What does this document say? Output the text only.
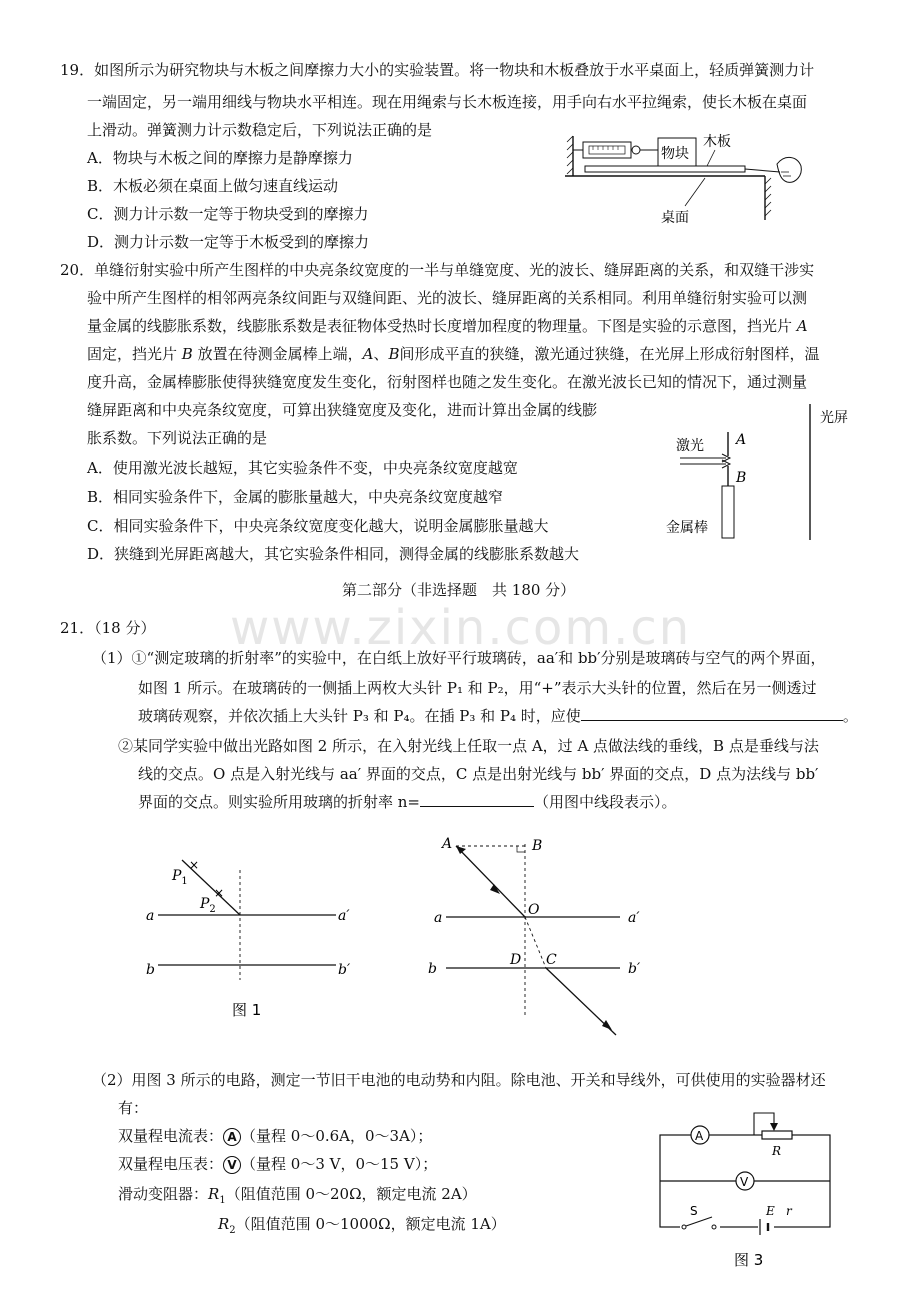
www.zixin.com.cn
19．如图所示为研究物块与木板之间摩擦力大小的实验装置。将一物块和木板叠放于水平桌面上，轻质弹簧测力计
一端固定，另一端用细线与物块水平相连。现在用绳索与长木板连接，用手向右水平拉绳索，使长木板在桌面
上滑动。弹簧测力计示数稳定后，下列说法正确的是
A．物块与木板之间的摩擦力是静摩擦力
B．木板必须在桌面上做匀速直线运动
C．测力计示数一定等于物块受到的摩擦力
D．测力计示数一定等于木板受到的摩擦力
物块
木板
桌面
20．单缝衍射实验中所产生图样的中央亮条纹宽度的一半与单缝宽度、光的波长、缝屏距离的关系，和双缝干涉实
验中所产生图样的相邻两亮条纹间距与双缝间距、光的波长、缝屏距离的关系相同。利用单缝衍射实验可以测
量金属的线膨胀系数，线膨胀系数是表征物体受热时长度增加程度的物理量。下图是实验的示意图，挡光片 A
固定，挡光片 B 放置在待测金属棒上端，A、B间形成平直的狭缝，激光通过狭缝，在光屏上形成衍射图样，温
度升高，金属棒膨胀使得狭缝宽度发生变化，衍射图样也随之发生变化。在激光波长已知的情况下，通过测量
缝屏距离和中央亮条纹宽度，可算出狭缝宽度及变化，进而计算出金属的线膨
胀系数。下列说法正确的是
A．使用激光波长越短，其它实验条件不变，中央亮条纹宽度越宽
B．相同实验条件下，金属的膨胀量越大，中央亮条纹宽度越窄
C．相同实验条件下，中央亮条纹宽度变化越大，说明金属膨胀量越大
D．狭缝到光屏距离越大，其它实验条件相同，测得金属的线膨胀系数越大
光屏
激光 A
B
金属棒
第二部分（非选择题　共 180 分）
21．（18 分）
（1）①“测定玻璃的折射率”的实验中，在白纸上放好平行玻璃砖，aa′和 bb′分别是玻璃砖与空气的两个界面，
如图 1 所示。在玻璃砖的一侧插上两枚大头针 P₁ 和 P₂，用“+”表示大头针的位置，然后在另一侧透过
玻璃砖观察，并依次插上大头针 P₃ 和 P₄。在插 P₃ 和 P₄ 时，应使	。
②某同学实验中做出光路如图 2 所示，在入射光线上任取一点 A，过 A 点做法线的垂线，B 点是垂线与法
线的交点。O 点是入射光线与 aa′ 界面的交点，C 点是出射光线与 bb′ 界面的交点，D 点为法线与 bb′
界面的交点。则实验所用玻璃的折射率 n=	（用图中线段表示）。
×
×
$P_1$
$P_2$
a	a′
b	b′
图 1
A	B
O
D C
a	a′
b	b′
（2）用图 3 所示的电路，测定一节旧干电池的电动势和内阻。除电池、开关和导线外，可供使用的实验器材还
有：
双量程电流表： A （量程 0～0.6A，0～3A）；
双量程电压表： V （量程 0～3 V，0～15 V）；
滑动变阻器：$R_1$（阻值范围 0～20Ω，额定电流 2A）
$R_2$（阻值范围 0～1000Ω，额定电流 1A）
A
R
V
S	E r
图 3
